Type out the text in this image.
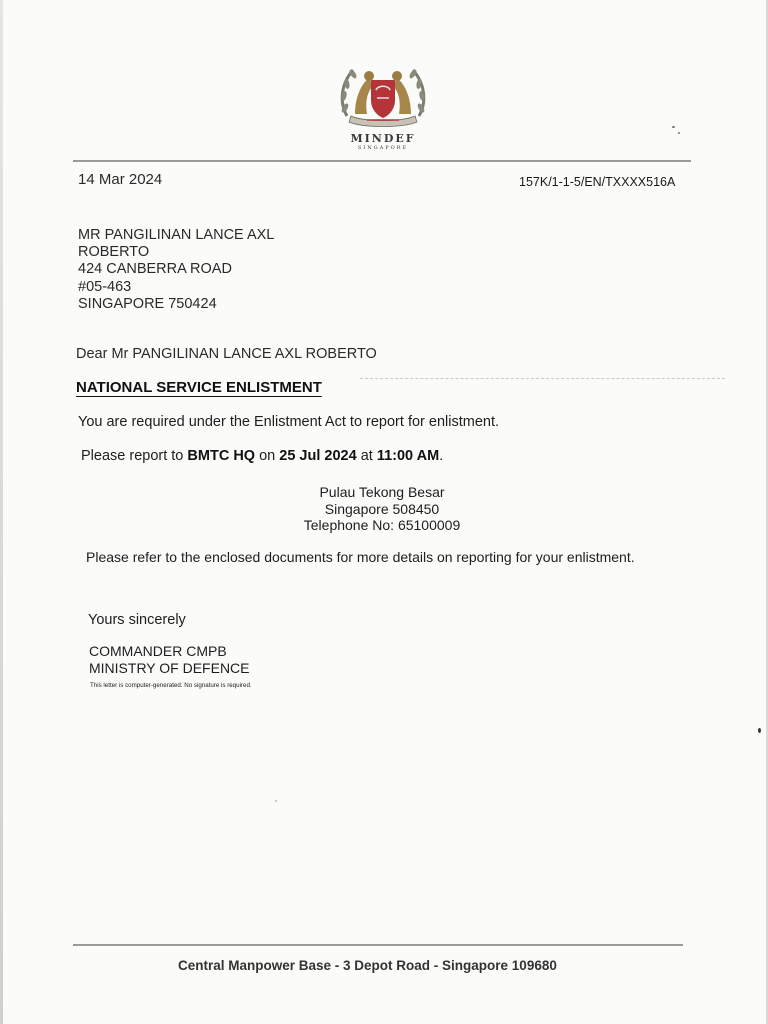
MINDEF
SINGAPORE
14 Mar 2024	157K/1-1-5/EN/TXXXX516A
MR PANGILINAN LANCE AXL
ROBERTO
424 CANBERRA ROAD
#05-463
SINGAPORE 750424
Dear Mr PANGILINAN LANCE AXL ROBERTO
NATIONAL SERVICE ENLISTMENT
You are required under the Enlistment Act to report for enlistment.
Please report to BMTC HQ on 25 Jul 2024 at 11:00 AM.
Pulau Tekong Besar
Singapore 508450
Telephone No: 65100009
Please refer to the enclosed documents for more details on reporting for your enlistment.
Yours sincerely
COMMANDER CMPB
MINISTRY OF DEFENCE
This letter is computer-generated. No signature is required.
Central Manpower Base - 3 Depot Road - Singapore 109680
